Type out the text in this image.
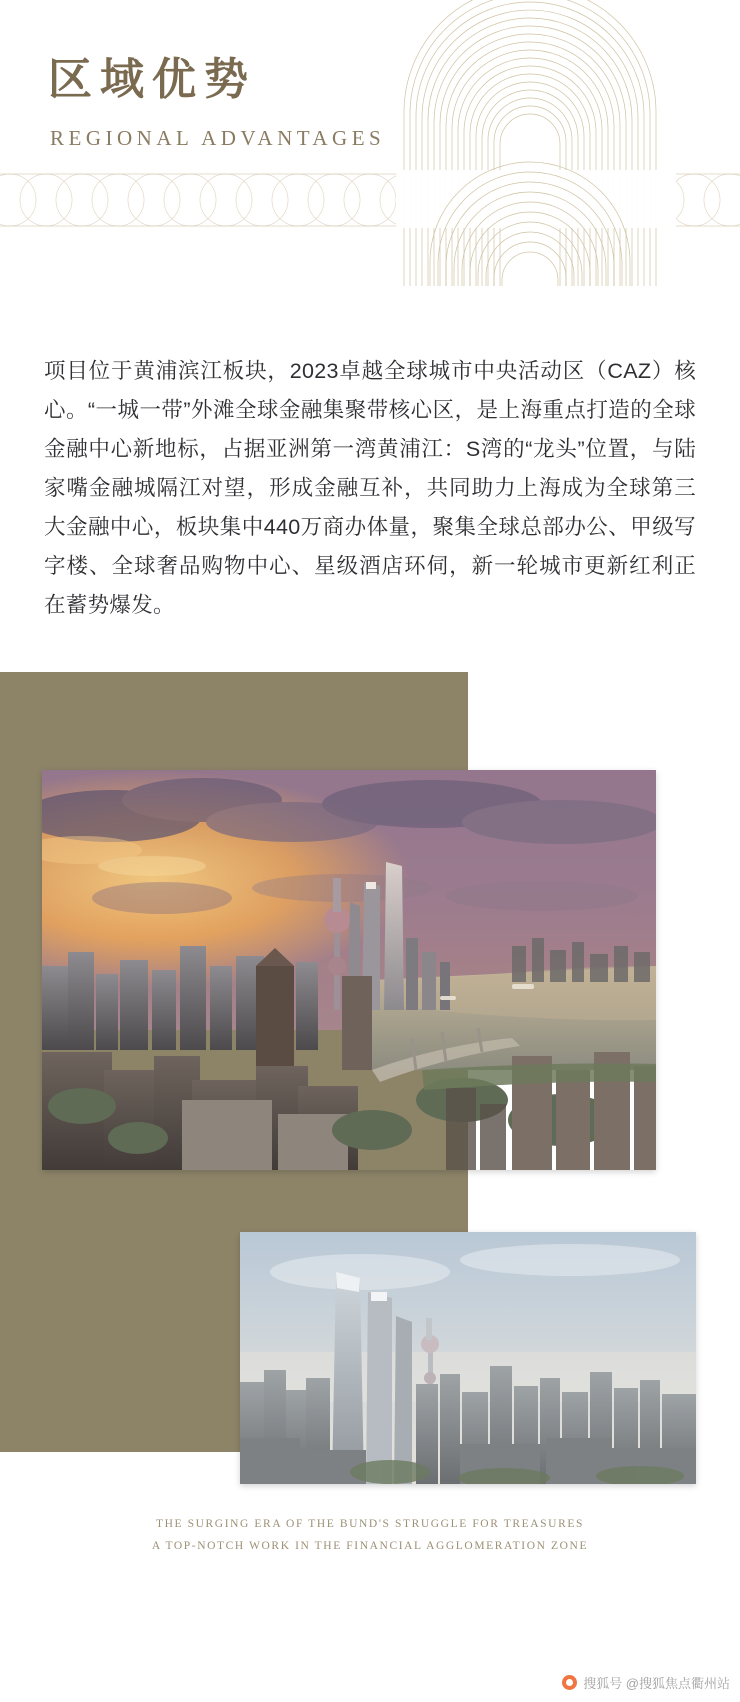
区域优势
REGIONAL ADVANTAGES

项目位于黄浦滨江板块，2023卓越全球城市中央活动区（CAZ）核心。“一城一带”外滩全球金融集聚带核心区，是上海重点打造的全球金融中心新地标，占据亚洲第一湾黄浦江：S湾的“龙头”位置，与陆家嘴金融城隔江对望，形成金融互补，共同助力上海成为全球第三大金融中心，板块集中440万商办体量，聚集全球总部办公、甲级写字楼、全球奢品购物中心、星级酒店环伺，新一轮城市更新红利正在蓄势爆发。

THE SURGING ERA OF THE BUND'S STRUGGLE FOR TREASURES
A TOP-NOTCH WORK IN THE FINANCIAL AGGLOMERATION ZONE
搜狐号 @搜狐焦点衢州站
